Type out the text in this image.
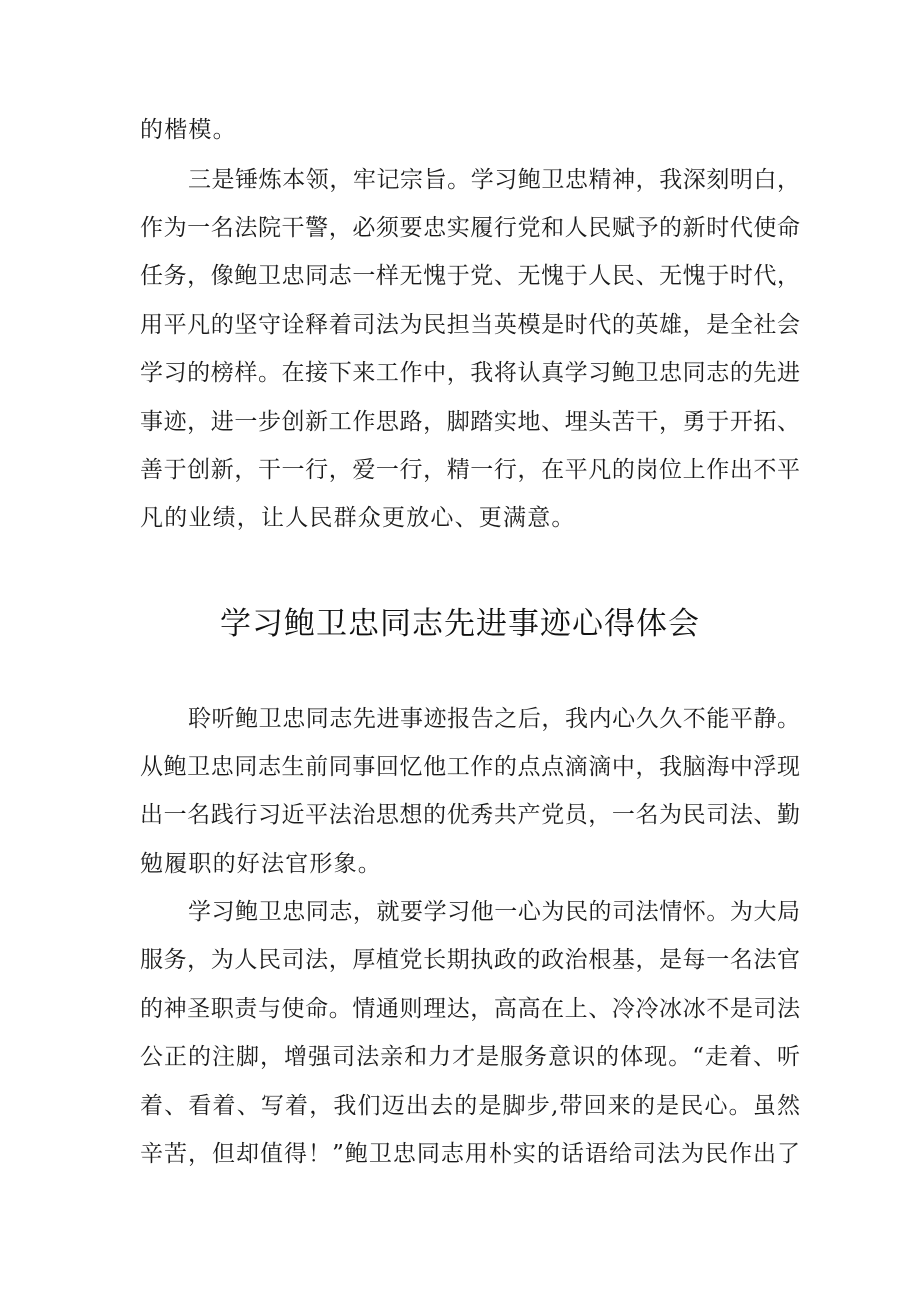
的楷模。
三是锤炼本领，牢记宗旨。学习鲍卫忠精神，我深刻明白，
作为一名法院干警，必须要忠实履行党和人民赋予的新时代使命
任务，像鲍卫忠同志一样无愧于党、无愧于人民、无愧于时代，
用平凡的坚守诠释着司法为民担当英模是时代的英雄，是全社会
学习的榜样。在接下来工作中，我将认真学习鲍卫忠同志的先进
事迹，进一步创新工作思路，脚踏实地、埋头苦干，勇于开拓、
善于创新，干一行，爱一行，精一行，在平凡的岗位上作出不平
凡的业绩，让人民群众更放心、更满意。
学习鲍卫忠同志先进事迹心得体会
聆听鲍卫忠同志先进事迹报告之后，我内心久久不能平静。
从鲍卫忠同志生前同事回忆他工作的点点滴滴中，我脑海中浮现
出一名践行习近平法治思想的优秀共产党员，一名为民司法、勤
勉履职的好法官形象。
学习鲍卫忠同志，就要学习他一心为民的司法情怀。为大局
服务，为人民司法，厚植党长期执政的政治根基，是每一名法官
的神圣职责与使命。情通则理达，高高在上、冷冷冰冰不是司法
公正的注脚，增强司法亲和力才是服务意识的体现。“走着、听
着、看着、写着，我们迈出去的是脚步,带回来的是民心。虽然
辛苦，但却值得！”鲍卫忠同志用朴实的话语给司法为民作出了
